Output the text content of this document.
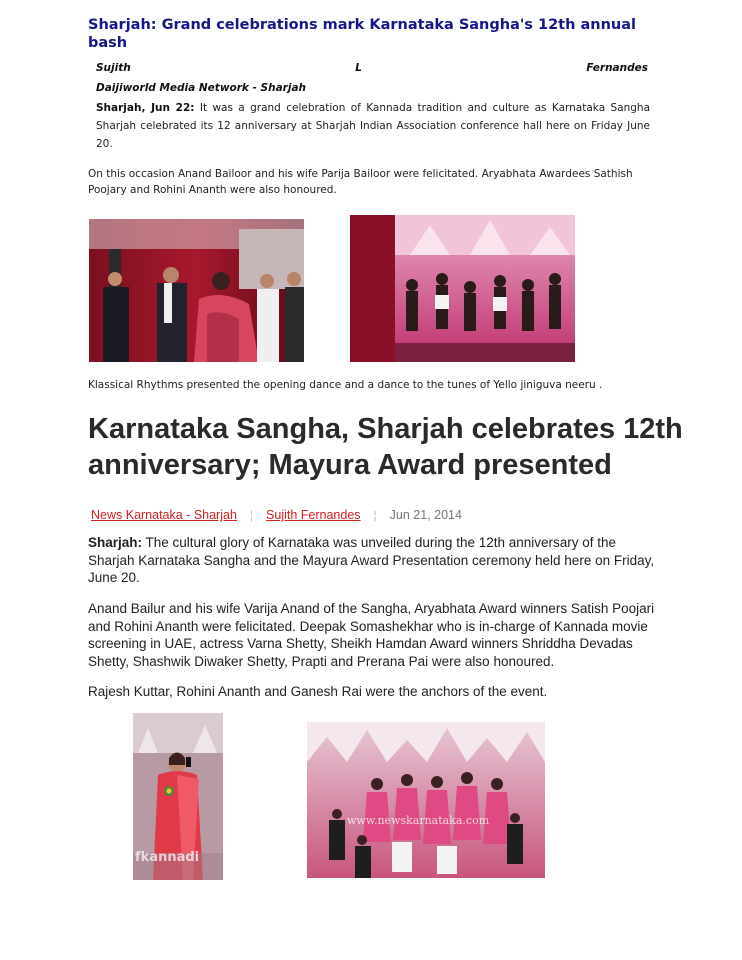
Sharjah: Grand celebrations mark Karnataka Sangha's 12th annual bash
Sujith	L	Fernandes
Daijiworld Media Network - Sharjah
Sharjah, Jun 22: It was a grand celebration of Kannada tradition and culture as Karnataka Sangha Sharjah celebrated its 12 anniversary at Sharjah Indian Association conference hall here on Friday June 20.
On this occasion Anand Bailoor and his wife Parija Bailoor were felicitated. Aryabhata Awardees Sathish Poojary and Rohini Ananth were also honoured.
Klassical Rhythms presented the opening dance and a dance to the tunes of Yello jiniguva neeru .
Karnataka Sangha, Sharjah celebrates 12th anniversary; Mayura Award presented
News Karnataka - Sharjah ¦ Sujith Fernandes ¦ Jun 21, 2014
Sharjah: The cultural glory of Karnataka was unveiled during the 12th anniversary of the Sharjah Karnataka Sangha and the Mayura Award Presentation ceremony held here on Friday, June 20.
Anand Bailur and his wife Varija Anand of the Sangha, Aryabhata Award winners Satish Poojari and Rohini Ananth were felicitated. Deepak Somashekhar who is in-charge of Kannada movie screening in UAE, actress Varna Shetty, Sheikh Hamdan Award winners Shriddha Devadas Shetty, Shashwik Diwaker Shetty, Prapti and Prerana Pai were also honoured.
Rajesh Kuttar, Rohini Ananth and Ganesh Rai were the anchors of the event.
fkannadi
www.newskarnataka.com
